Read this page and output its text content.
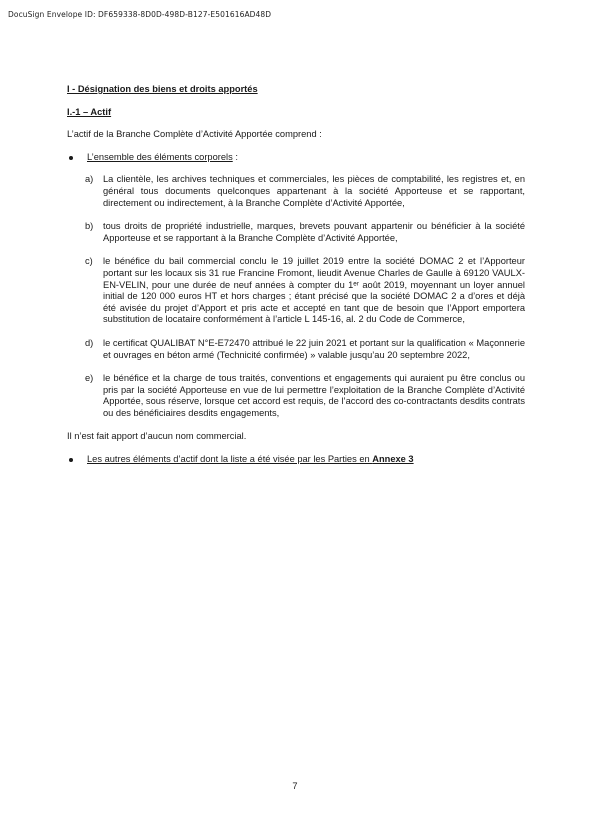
DocuSign Envelope ID: DF659338-8D0D-498D-B127-E501616AD48D

I - Désignation des biens et droits apportés

I.-1 – Actif

L’actif de la Branche Complète d’Activité Apportée comprend :

L’ensemble des éléments corporels :
a) La clientèle, les archives techniques et commerciales, les pièces de comptabilité, les registres et, en général tous documents quelconques appartenant à la société Apporteuse et se rapportant, directement ou indirectement, à la Branche Complète d’Activité Apportée,
b) tous droits de propriété industrielle, marques, brevets pouvant appartenir ou bénéficier à la société Apporteuse et se rapportant à la Branche Complète d’Activité Apportée,
c) le bénéfice du bail commercial conclu le 19 juillet 2019 entre la société DOMAC 2 et l’Apporteur portant sur les locaux sis 31 rue Francine Fromont, lieudit Avenue Charles de Gaulle à 69120 VAULX-EN-VELIN, pour une durée de neuf années à compter du 1ᵉʳ août 2019, moyennant un loyer annuel initial de 120 000 euros HT et hors charges ; étant précisé que la société DOMAC 2 a d’ores et déjà été avisée du projet d’Apport et pris acte et accepté en tant que de besoin que l’Apport emportera substitution de locataire conformément à l’article L 145-16, al. 2 du Code de Commerce,
d) le certificat QUALIBAT N°E-E72470 attribué le 22 juin 2021 et portant sur la qualification « Maçonnerie et ouvrages en béton armé (Technicité confirmée) » valable jusqu’au 20 septembre 2022,
e) le bénéfice et la charge de tous traités, conventions et engagements qui auraient pu être conclus ou pris par la société Apporteuse en vue de lui permettre l’exploitation de la Branche Complète d’Activité Apportée, sous réserve, lorsque cet accord est requis, de l’accord des co-contractants desdits contrats ou des bénéficiaires desdits engagements,

Il n’est fait apport d’aucun nom commercial.

Les autres éléments d’actif dont la liste a été visée par les Parties en Annexe 3
7
